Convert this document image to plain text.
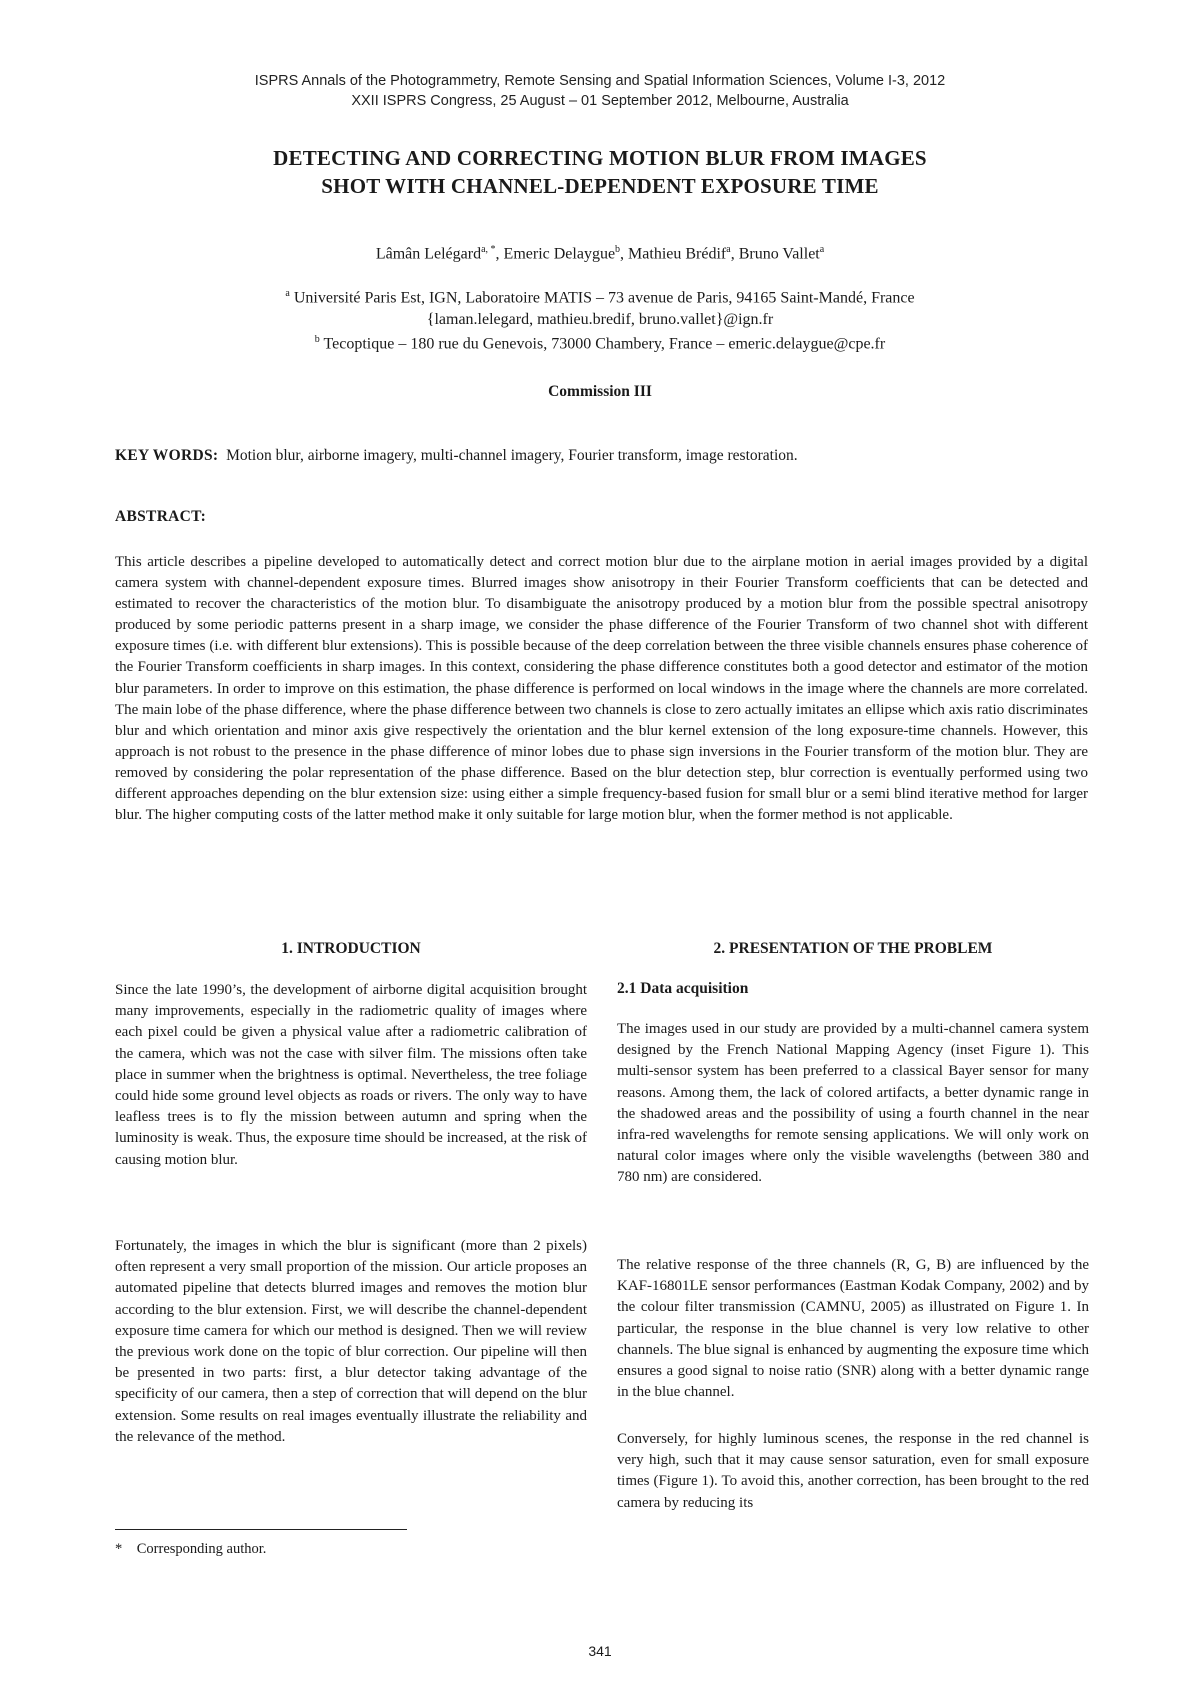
ISPRS Annals of the Photogrammetry, Remote Sensing and Spatial Information Sciences, Volume I-3, 2012
XXII ISPRS Congress, 25 August – 01 September 2012, Melbourne, Australia
DETECTING AND CORRECTING MOTION BLUR FROM IMAGES
SHOT WITH CHANNEL-DEPENDENT EXPOSURE TIME
Lâmân Lelégard$^{a, *}$, Emeric Delaygue$^b$, Mathieu Brédif$^a$, Bruno Vallet$^a$
$^a$ Université Paris Est, IGN, Laboratoire MATIS – 73 avenue de Paris, 94165 Saint-Mandé, France
{laman.lelegard, mathieu.bredif, bruno.vallet}@ign.fr
$^b$ Tecoptique – 180 rue du Genevois, 73000 Chambery, France – emeric.delaygue@cpe.fr
Commission III
KEY WORDS:  Motion blur, airborne imagery, multi-channel imagery, Fourier transform, image restoration.
ABSTRACT:

This article describes a pipeline developed to automatically detect and correct motion blur due to the airplane motion in aerial images provided by a digital camera system with channel-dependent exposure times. Blurred images show anisotropy in their Fourier Transform coefficients that can be detected and estimated to recover the characteristics of the motion blur. To disambiguate the anisotropy produced by a motion blur from the possible spectral anisotropy produced by some periodic patterns present in a sharp image, we consider the phase difference of the Fourier Transform of two channel shot with different exposure times (i.e. with different blur extensions). This is possible because of the deep correlation between the three visible channels ensures phase coherence of the Fourier Transform coefficients in sharp images. In this context, considering the phase difference constitutes both a good detector and estimator of the motion blur parameters. In order to improve on this estimation, the phase difference is performed on local windows in the image where the channels are more correlated. The main lobe of the phase difference, where the phase difference between two channels is close to zero actually imitates an ellipse which axis ratio discriminates blur and which orientation and minor axis give respectively the orientation and the blur kernel extension of the long exposure-time channels. However, this approach is not robust to the presence in the phase difference of minor lobes due to phase sign inversions in the Fourier transform of the motion blur. They are removed by considering the polar representation of the phase difference. Based on the blur detection step, blur correction is eventually performed using two different approaches depending on the blur extension size: using either a simple frequency-based fusion for small blur or a semi blind iterative method for larger blur. The higher computing costs of the latter method make it only suitable for large motion blur, when the former method is not applicable.

1. INTRODUCTION

Since the late 1990’s, the development of airborne digital acquisition brought many improvements, especially in the radiometric quality of images where each pixel could be given a physical value after a radiometric calibration of the camera, which was not the case with silver film. The missions often take place in summer when the brightness is optimal. Nevertheless, the tree foliage could hide some ground level objects as roads or rivers. The only way to have leafless trees is to fly the mission between autumn and spring when the luminosity is weak. Thus, the exposure time should be increased, at the risk of causing motion blur.

Fortunately, the images in which the blur is significant (more than 2 pixels) often represent a very small proportion of the mission. Our article proposes an automated pipeline that detects blurred images and removes the motion blur according to the blur extension. First, we will describe the channel-dependent exposure time camera for which our method is designed. Then we will review the previous work done on the topic of blur correction. Our pipeline will then be presented in two parts: first, a blur detector taking advantage of the specificity of our camera, then a step of correction that will depend on the blur extension. Some results on real images eventually illustrate the reliability and the relevance of the method.

2. PRESENTATION OF THE PROBLEM
2.1 Data acquisition

The images used in our study are provided by a multi-channel camera system designed by the French National Mapping Agency (inset Figure 1). This multi-sensor system has been preferred to a classical Bayer sensor for many reasons. Among them, the lack of colored artifacts, a better dynamic range in the shadowed areas and the possibility of using a fourth channel in the near infra-red wavelengths for remote sensing applications. We will only work on natural color images where only the visible wavelengths (between 380 and 780 nm) are considered.

The relative response of the three channels (R, G, B) are influenced by the KAF-16801LE sensor performances (Eastman Kodak Company, 2002) and by the colour filter transmission (CAMNU, 2005) as illustrated on Figure 1. In particular, the response in the blue channel is very low relative to other channels. The blue signal is enhanced by augmenting the exposure time which ensures a good signal to noise ratio (SNR) along with a better dynamic range in the blue channel.

Conversely, for highly luminous scenes, the response in the red channel is very high, such that it may cause sensor saturation, even for small exposure times (Figure 1). To avoid this, another correction, has been brought to the red camera by reducing its

*    Corresponding author.
341
